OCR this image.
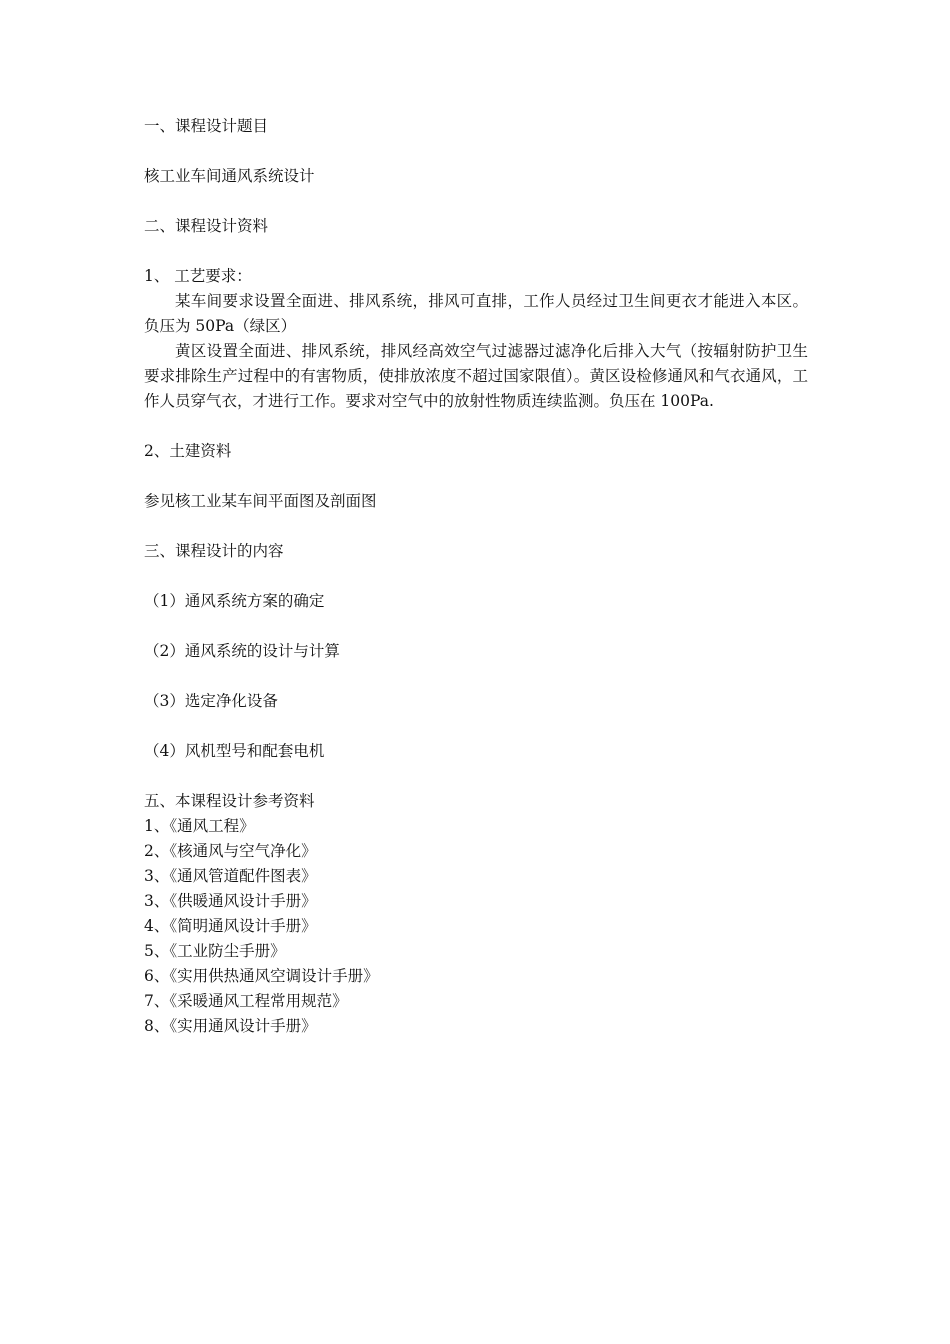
一、课程设计题目

核工业车间通风系统设计

二、课程设计资料

1、 工艺要求：

某车间要求设置全面进、排风系统，排风可直排，工作人员经过卫生间更衣才能进入本区。负压为 50Pa（绿区）

黄区设置全面进、排风系统，排风经高效空气过滤器过滤净化后排入大气（按辐射防护卫生要求排除生产过程中的有害物质，使排放浓度不超过国家限值）。黄区设检修通风和气衣通风，工作人员穿气衣，才进行工作。要求对空气中的放射性物质连续监测。负压在 100Pa.

2、土建资料

参见核工业某车间平面图及剖面图

三、课程设计的内容

（1）通风系统方案的确定

（2）通风系统的设计与计算

（3）选定净化设备

（4）风机型号和配套电机

五、本课程设计参考资料

1、《通风工程》
2、《核通风与空气净化》
3、《通风管道配件图表》
3、《供暖通风设计手册》
4、《简明通风设计手册》
5、《工业防尘手册》
6、《实用供热通风空调设计手册》
7、《采暖通风工程常用规范》
8、《实用通风设计手册》
